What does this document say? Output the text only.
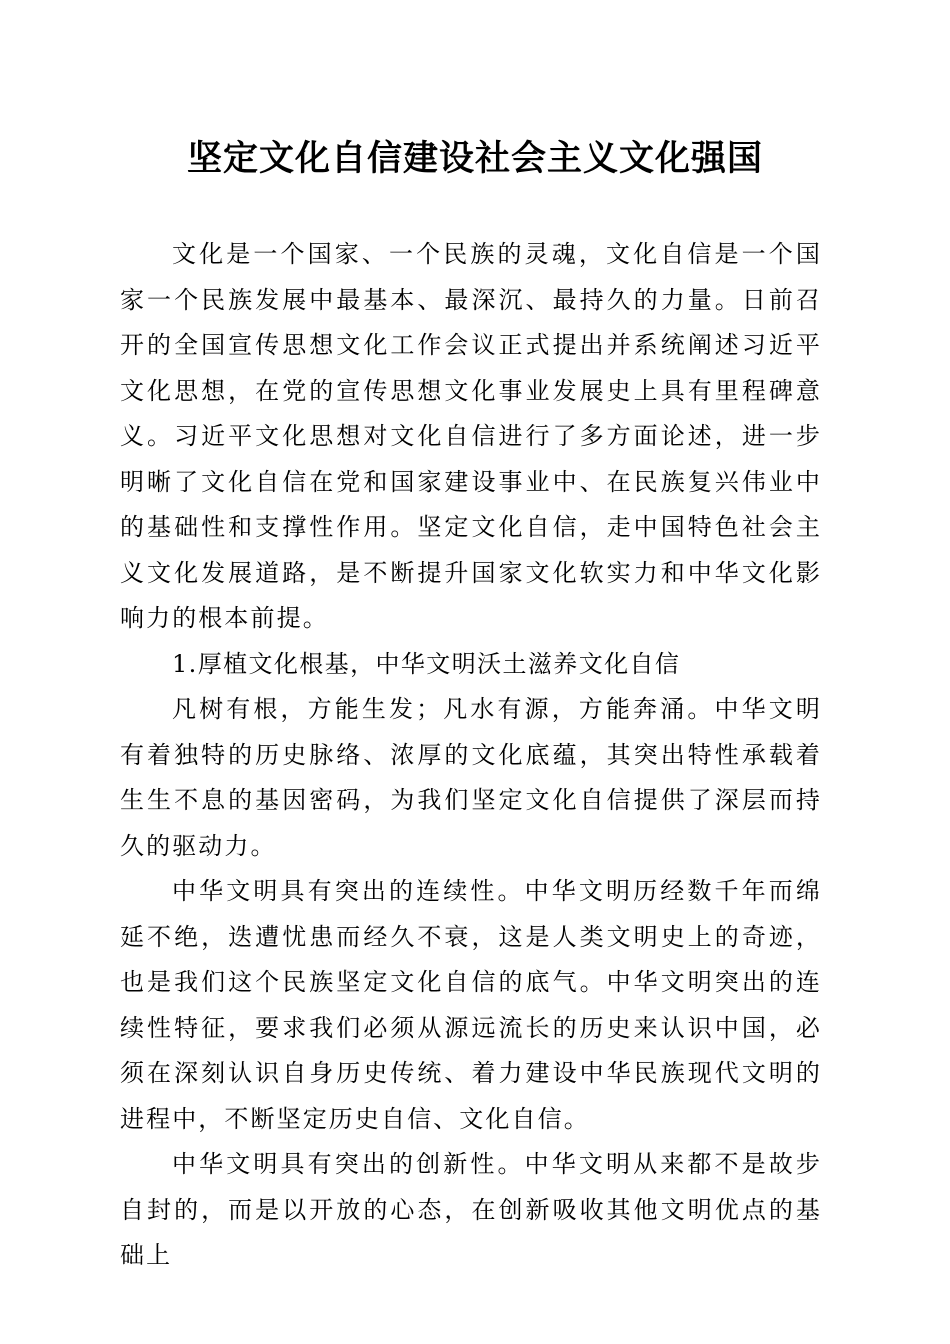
坚定文化自信建设社会主义文化强国

文化是一个国家、一个民族的灵魂，文化自信是一个国家一个民族发展中最基本、最深沉、最持久的力量。日前召开的全国宣传思想文化工作会议正式提出并系统阐述习近平文化思想，在党的宣传思想文化事业发展史上具有里程碑意义。习近平文化思想对文化自信进行了多方面论述，进一步明晰了文化自信在党和国家建设事业中、在民族复兴伟业中的基础性和支撑性作用。坚定文化自信，走中国特色社会主义文化发展道路，是不断提升国家文化软实力和中华文化影响力的根本前提。

1.厚植文化根基，中华文明沃土滋养文化自信

凡树有根，方能生发；凡水有源，方能奔涌。中华文明有着独特的历史脉络、浓厚的文化底蕴，其突出特性承载着生生不息的基因密码，为我们坚定文化自信提供了深层而持久的驱动力。

中华文明具有突出的连续性。中华文明历经数千年而绵延不绝，迭遭忧患而经久不衰，这是人类文明史上的奇迹，也是我们这个民族坚定文化自信的底气。中华文明突出的连续性特征，要求我们必须从源远流长的历史来认识中国，必须在深刻认识自身历史传统、着力建设中华民族现代文明的进程中，不断坚定历史自信、文化自信。

中华文明具有突出的创新性。中华文明从来都不是故步自封的，而是以开放的心态，在创新吸收其他文明优点的基础上
